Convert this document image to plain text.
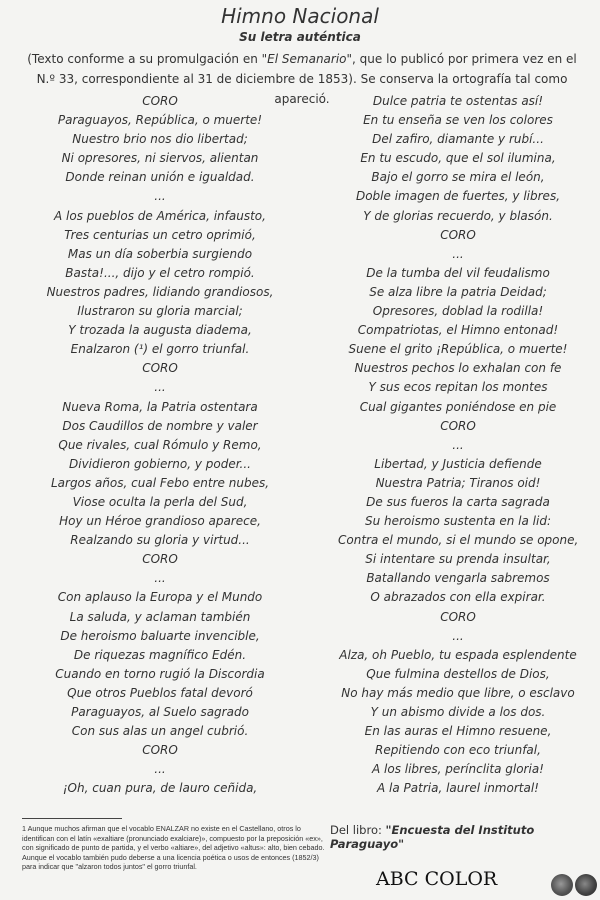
Himno Nacional
Su letra auténtica
(Texto conforme a su promulgación en "El Semanario", que lo publicó por primera vez en el N.º 33, correspondiente al 31 de diciembre de 1853). Se conserva la ortografía tal como apareció.
CORO
Paraguayos, República, o muerte!
Nuestro brio nos dio libertad;
Ni opresores, ni siervos, alientan
Donde reinan unión e igualdad.
...
A los pueblos de América, infausto,
Tres centurias un cetro oprimió,
Mas un día soberbia surgiendo
Basta!..., dijo y el cetro rompió.
Nuestros padres, lidiando grandiosos,
Ilustraron su gloria marcial;
Y trozada la augusta diadema,
Enalzaron (¹) el gorro triunfal.
CORO
...
Nueva Roma, la Patria ostentara
Dos Caudillos de nombre y valer
Que rivales, cual Rómulo y Remo,
Dividieron gobierno, y poder...
Largos años, cual Febo entre nubes,
Viose oculta la perla del Sud,
Hoy un Héroe grandioso aparece,
Realzando su gloria y virtud...
CORO
...
Con aplauso la Europa y el Mundo
La saluda, y aclaman también
De heroismo baluarte invencible,
De riquezas magnífico Edén.
Cuando en torno rugió la Discordia
Que otros Pueblos fatal devoró
Paraguayos, al Suelo sagrado
Con sus alas un angel cubrió.
CORO
...
¡Oh, cuan pura, de lauro ceñida,
Dulce patria te ostentas así!
En tu enseña se ven los colores
Del zafiro, diamante y rubí...
En tu escudo, que el sol ilumina,
Bajo el gorro se mira el león,
Doble imagen de fuertes, y libres,
Y de glorias recuerdo, y blasón.
CORO
...
De la tumba del vil feudalismo
Se alza libre la patria Deidad;
Opresores, doblad la rodilla!
Compatriotas, el Himno entonad!
Suene el grito ¡República, o muerte!
Nuestros pechos lo exhalan con fe
Y sus ecos repitan los montes
Cual gigantes poniéndose en pie
CORO
...
Libertad, y Justicia defiende
Nuestra Patria; Tiranos oid!
De sus fueros la carta sagrada
Su heroismo sustenta en la lid:
Contra el mundo, si el mundo se opone,
Si intentare su prenda insultar,
Batallando vengarla sabremos
O abrazados con ella expirar.
CORO
...
Alza, oh Pueblo, tu espada esplendente
Que fulmina destellos de Dios,
No hay más medio que libre, o esclavo
Y un abismo divide a los dos.
En las auras el Himno resuene,
Repitiendo con eco triunfal,
A los libres, perínclita gloria!
A la Patria, laurel inmortal!
1 Aunque muchos afirman que el vocablo ENALZAR no existe en el Castellano, otros lo identifican con el latín «exaltiare (pronunciado exalciare)», compuesto por la preposición «ex», con significado de punto de partida, y el verbo «altiare», del adjetivo «altus»: alto, bien cebado. Aunque el vocablo también pudo deberse a una licencia poética o usos de entonces (1852/3) para indicar que "alzaron todos juntos" el gorro triunfal.
Del libro: "Encuesta del Instituto Paraguayo"
ABC COLOR
